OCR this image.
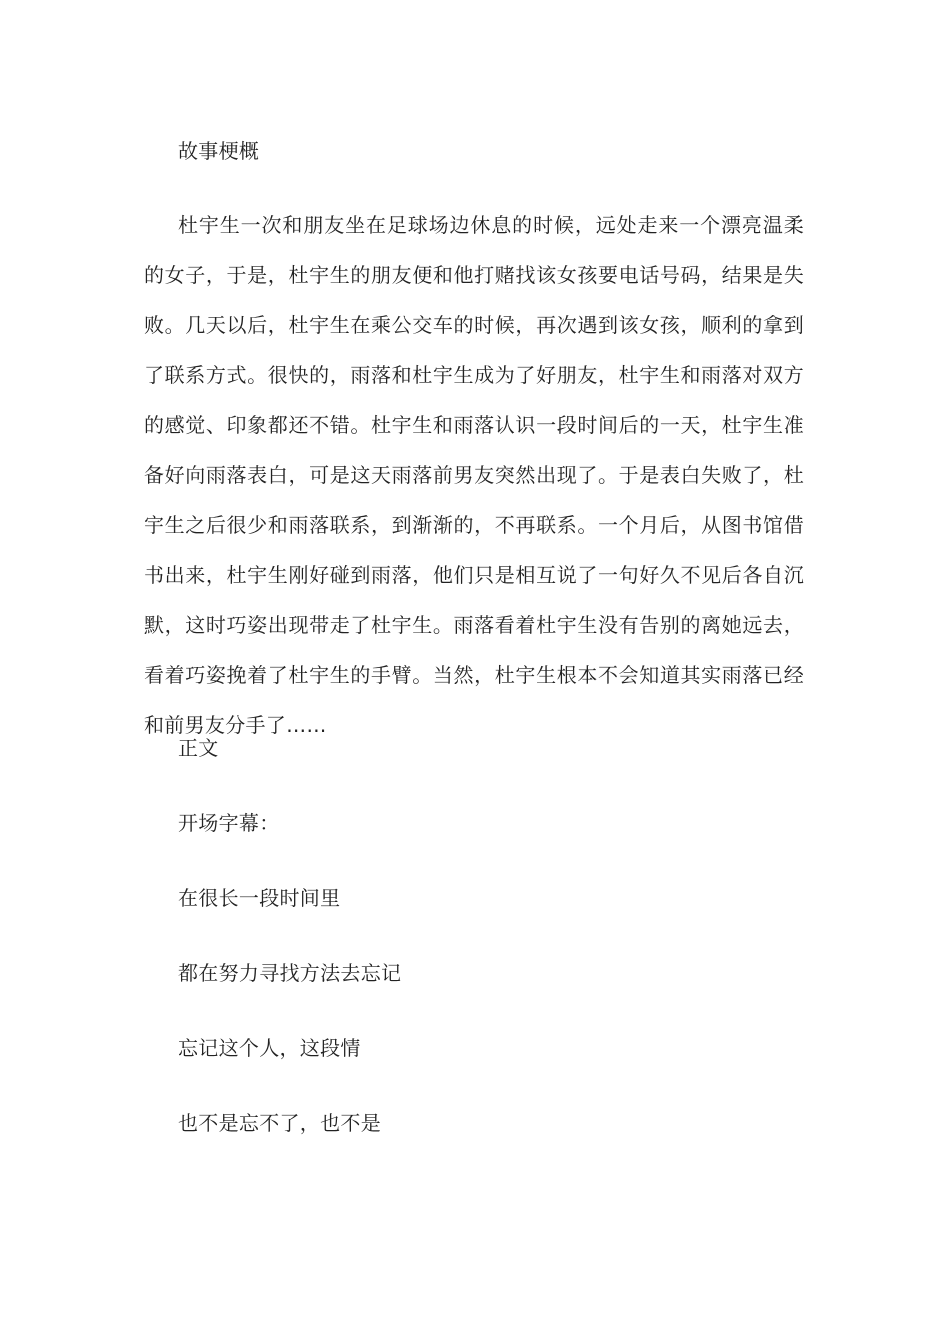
故事梗概

杜宇生一次和朋友坐在足球场边休息的时候，远处走来一个漂亮温柔的女子，于是，杜宇生的朋友便和他打赌找该女孩要电话号码，结果是失败。几天以后，杜宇生在乘公交车的时候，再次遇到该女孩，顺利的拿到了联系方式。很快的，雨落和杜宇生成为了好朋友，杜宇生和雨落对双方的感觉、印象都还不错。杜宇生和雨落认识一段时间后的一天，杜宇生准备好向雨落表白，可是这天雨落前男友突然出现了。于是表白失败了，杜宇生之后很少和雨落联系，到渐渐的，不再联系。一个月后，从图书馆借书出来，杜宇生刚好碰到雨落，他们只是相互说了一句好久不见后各自沉默，这时巧姿出现带走了杜宇生。雨落看着杜宇生没有告别的离她远去，看着巧姿挽着了杜宇生的手臂。当然，杜宇生根本不会知道其实雨落已经和前男友分手了……

正文

开场字幕：

在很长一段时间里

都在努力寻找方法去忘记

忘记这个人，这段情

也不是忘不了，也不是
